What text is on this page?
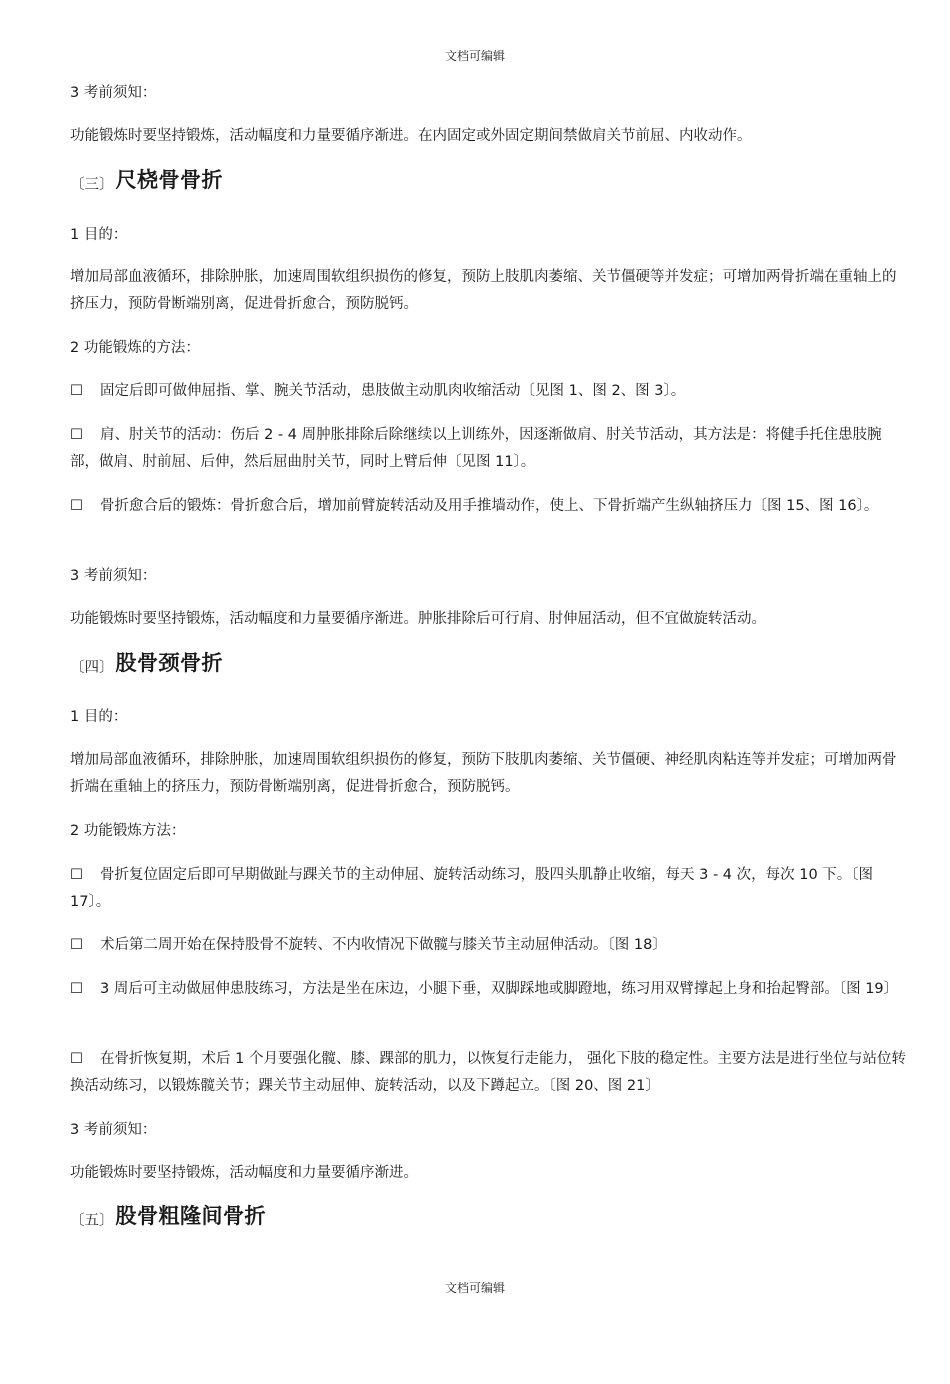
文档可编辑

3 考前须知：

功能锻炼时要坚持锻炼，活动幅度和力量要循序渐进。在内固定或外固定期间禁做肩关节前屈、内收动作。

〔三〕尺桡骨骨折

1 目的：

增加局部血液循环，排除肿胀，加速周围软组织损伤的修复，预防上肢肌肉萎缩、关节僵硬等并发症；可增加两骨折端在重轴上的挤压力，预防骨断端别离，促进骨折愈合，预防脱钙。

2 功能锻炼的方法：

☐ 固定后即可做伸屈指、掌、腕关节活动，患肢做主动肌肉收缩活动〔见图 1、图 2、图 3〕。

☐ 肩、肘关节的活动：伤后 2 - 4 周肿胀排除后除继续以上训练外，因逐渐做肩、肘关节活动，其方法是：将健手托住患肢腕部，做肩、肘前屈、后伸，然后屈曲肘关节，同时上臂后伸〔见图 11〕。

☐ 骨折愈合后的锻炼：骨折愈合后，增加前臂旋转活动及用手推墙动作，使上、下骨折端产生纵轴挤压力〔图 15、图 16〕。

3 考前须知：

功能锻炼时要坚持锻炼，活动幅度和力量要循序渐进。肿胀排除后可行肩、肘伸屈活动，但不宜做旋转活动。

〔四〕股骨颈骨折

1 目的：

增加局部血液循环，排除肿胀，加速周围软组织损伤的修复，预防下肢肌肉萎缩、关节僵硬、神经肌肉粘连等并发症；可增加两骨折端在重轴上的挤压力，预防骨断端别离，促进骨折愈合，预防脱钙。

2 功能锻炼方法：

☐ 骨折复位固定后即可早期做趾与踝关节的主动伸屈、旋转活动练习，股四头肌静止收缩，每天 3 - 4 次，每次 10 下。〔图 17〕。

☐ 术后第二周开始在保持股骨不旋转、不内收情况下做髋与膝关节主动屈伸活动。〔图 18〕

☐ 3 周后可主动做屈伸患肢练习，方法是坐在床边，小腿下垂，双脚踩地或脚蹬地，练习用双臂撑起上身和抬起臀部。〔图 19〕

☐ 在骨折恢复期，术后 1 个月要强化髋、膝、踝部的肌力，以恢复行走能力， 强化下肢的稳定性。主要方法是进行坐位与站位转换活动练习，以锻炼髋关节；踝关节主动屈伸、旋转活动，以及下蹲起立。〔图 20、图 21〕

3 考前须知：

功能锻炼时要坚持锻炼，活动幅度和力量要循序渐进。

〔五〕股骨粗隆间骨折
文档可编辑
